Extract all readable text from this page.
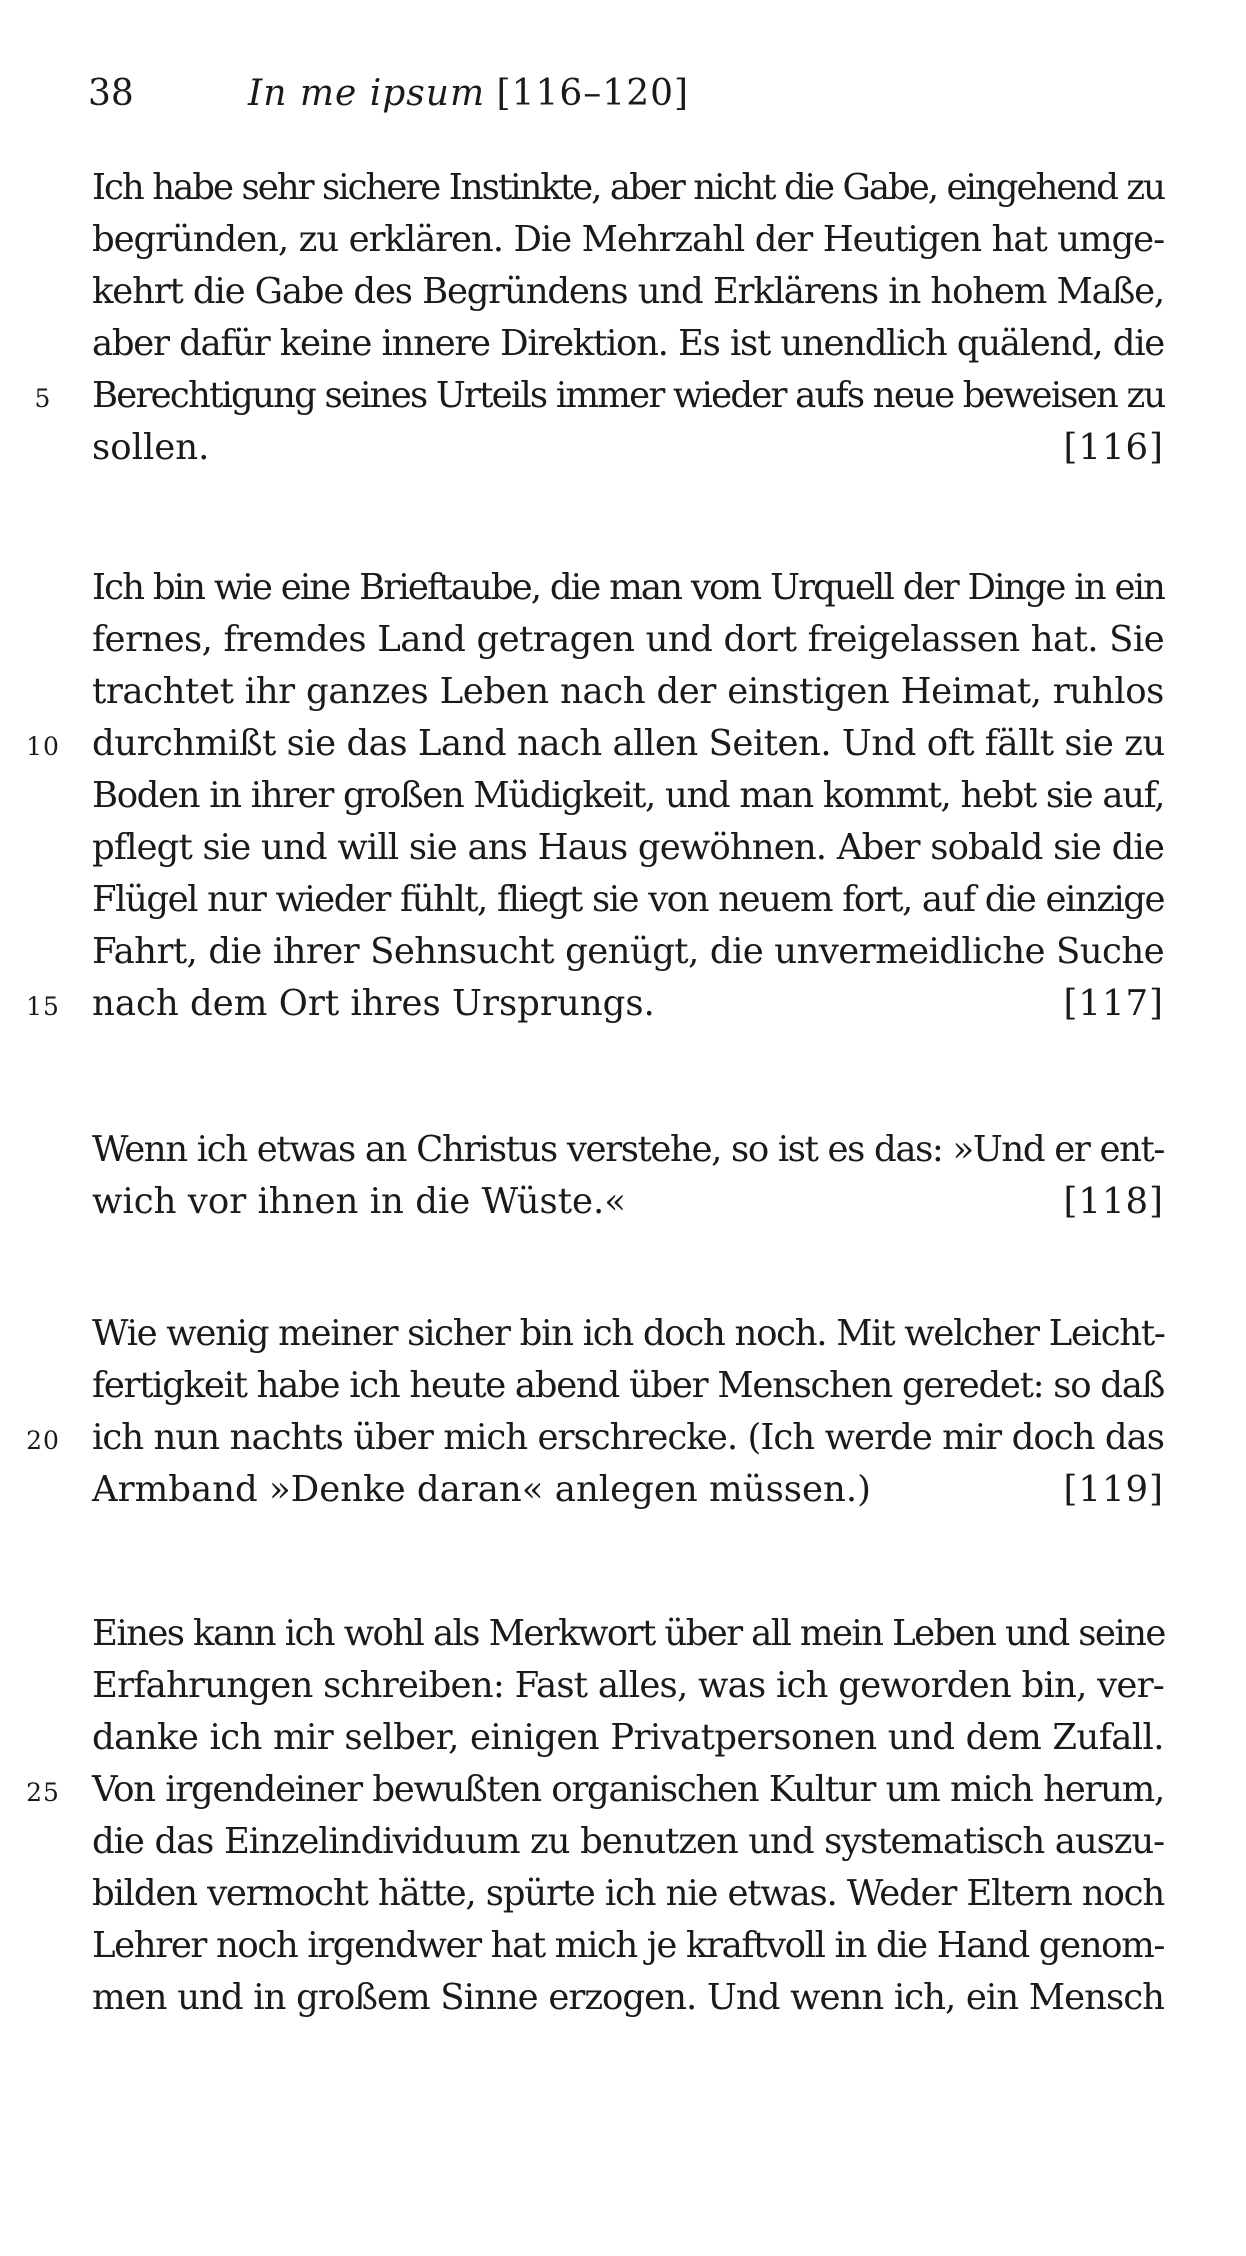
38	In me ipsum [116–120]
Ich habe sehr sichere Instinkte, aber nicht die Gabe, eingehend zu
begründen, zu erklären. Die Mehrzahl der Heutigen hat umge-
kehrt die Gabe des Begründens und Erklärens in hohem Maße,
aber dafür keine innere Direktion. Es ist unendlich quälend, die
5 Berechtigung seines Urteils immer wieder aufs neue beweisen zu
sollen.	[116]
Ich bin wie eine Brieftaube, die man vom Urquell der Dinge in ein
fernes, fremdes Land getragen und dort freigelassen hat. Sie
trachtet ihr ganzes Leben nach der einstigen Heimat, ruhlos
10 durchmißt sie das Land nach allen Seiten. Und oft fällt sie zu
Boden in ihrer großen Müdigkeit, und man kommt, hebt sie auf,
pflegt sie und will sie ans Haus gewöhnen. Aber sobald sie die
Flügel nur wieder fühlt, fliegt sie von neuem fort, auf die einzige
Fahrt, die ihrer Sehnsucht genügt, die unvermeidliche Suche
15 nach dem Ort ihres Ursprungs.	[117]
Wenn ich etwas an Christus verstehe, so ist es das: »Und er ent-
wich vor ihnen in die Wüste.«	[118]
Wie wenig meiner sicher bin ich doch noch. Mit welcher Leicht-
fertigkeit habe ich heute abend über Menschen geredet: so daß
20 ich nun nachts über mich erschrecke. (Ich werde mir doch das
Armband »Denke daran« anlegen müssen.)	[119]
Eines kann ich wohl als Merkwort über all mein Leben und seine
Erfahrungen schreiben: Fast alles, was ich geworden bin, ver-
danke ich mir selber, einigen Privatpersonen und dem Zufall.
25 Von irgendeiner bewußten organischen Kultur um mich herum,
die das Einzelindividuum zu benutzen und systematisch auszu-
bilden vermocht hätte, spürte ich nie etwas. Weder Eltern noch
Lehrer noch irgendwer hat mich je kraftvoll in die Hand genom-
men und in großem Sinne erzogen. Und wenn ich, ein Mensch
